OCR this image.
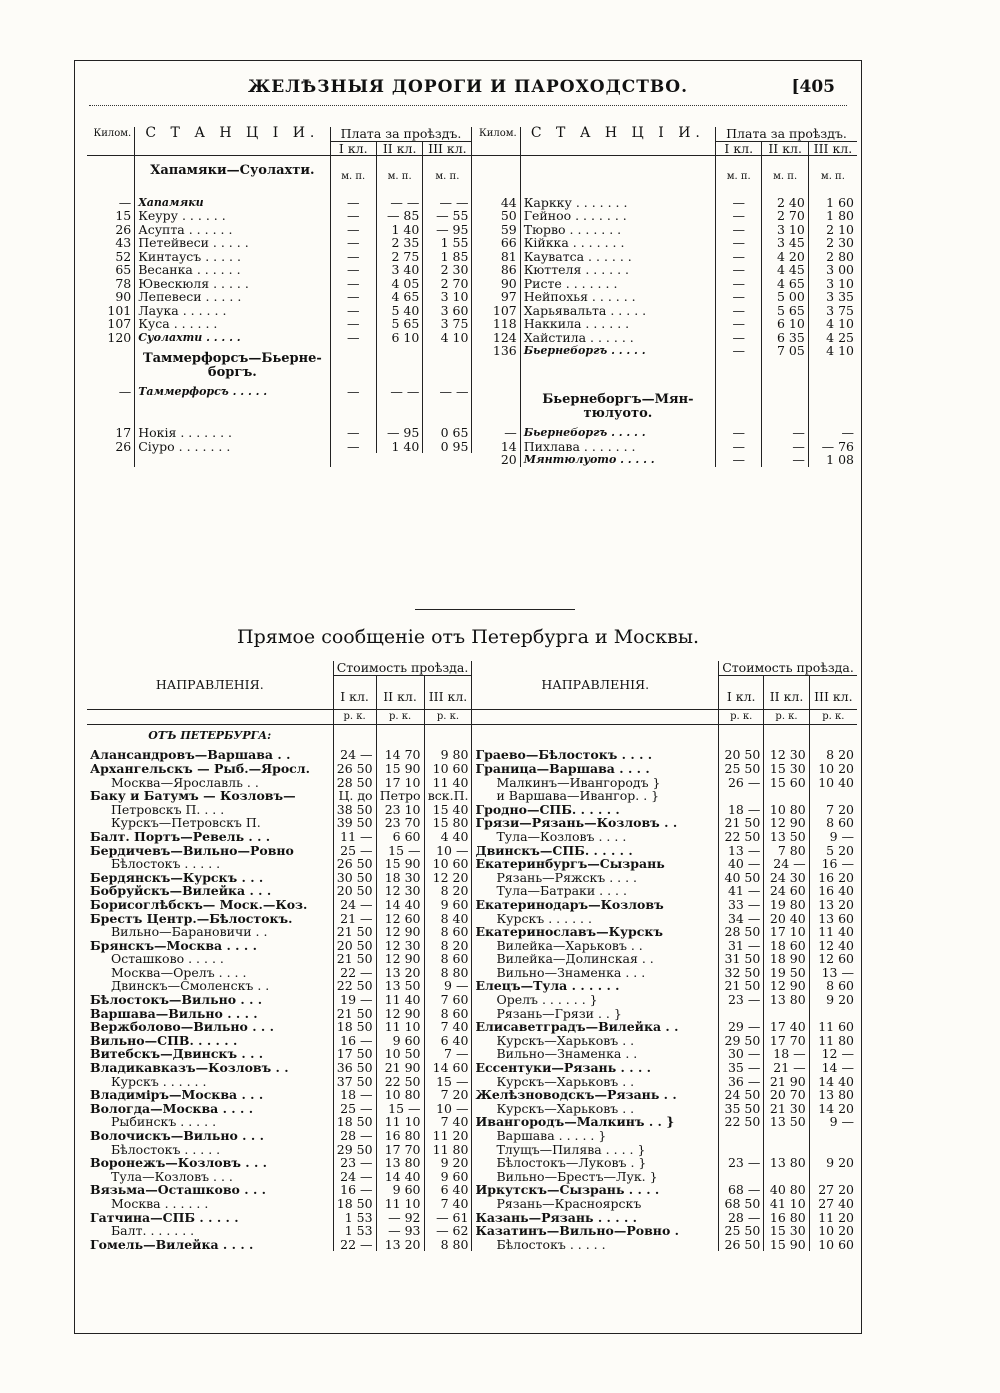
ЖЕЛѢЗНЫЯ ДОРОГИ И ПАРОХОДСТВО.	[405
Килом.	С Т А Н Ц І И.	Плата за проѣздъ.			Килом.	С Т А Н Ц І И.	Плата за проѣздъ.		
		I кл.	II кл.	III кл.			I кл.	II кл.	III кл.
	Хапамяки—Суолахти.	м. п.	м. п.	м. п.			м. п.	м. п.	м. п.
—	Хапамяки	—	— —	— —	44	Каркку . . . . . . .	—	2 40	1 60
15	Кеуру . . . . . .	—	— 85	— 55	50	Гейноо . . . . . . .	—	2 70	1 80
26	Асупта . . . . . .	—	1 40	— 95	59	Тюрво . . . . . . .	—	3 10	2 10
43	Петейвеси . . . . .	—	2 35	1 55	66	Кійкка . . . . . . .	—	3 45	2 30
52	Кинтаусъ . . . . .	—	2 75	1 85	81	Кауватса . . . . . .	—	4 20	2 80
65	Весанка . . . . . .	—	3 40	2 30	86	Кюттеля . . . . . .	—	4 45	3 00
78	Ювескюля . . . . .	—	4 05	2 70	90	Ристе . . . . . . .	—	4 65	3 10
90	Лепевеси . . . . .	—	4 65	3 10	97	Нейпохья . . . . . .	—	5 00	3 35
101	Лаука . . . . . .	—	5 40	3 60	107	Харьявальта . . . . .	—	5 65	3 75
107	Куса . . . . . .	—	5 65	3 75	118	Наккила . . . . . .	—	6 10	4 10
120	Суолахти . . . . .	—	6 10	4 10	124	Хайстила . . . . . .	—	6 35	4 25
	Таммерфорсъ—Бьерне-боргъ.				136	Бьернеборгъ . . . . .	—	7 05	4 10
—	Таммерфорсъ . . . . .	—	— —	— —		Бьернеборгъ—Мян-тюлуото.			
17	Нокія . . . . . . .	—	— 95	0 65	—	Бьернеборгъ . . . . .	—	—	—
26	Сіуро . . . . . . .	—	1 40	0 95	14	Пихлава . . . . . . .	—	—	— 76
					20	Мянтюлуото . . . . .	—	—	1 08
Прямое сообщеніе отъ Петербурга и Москвы.
НАПРАВЛЕНІЯ.	Стоимость проѣзда.			НАПРАВЛЕНІЯ.	Стоимость проѣзда.		
	I кл.	II кл.	III кл.		I кл.	II кл.	III кл.
	р. к.	р. к.	р. к.		р. к.	р. к.	р. к.
ОТЪ ПЕТЕРБУРГА:							
Алансандровъ—Варшава . .	24 —	14 70	9 80	Граево—Бѣлостокъ . . . .	20 50	12 30	8 20
Архангельскъ — Рыб.—Яросл.	26 50	15 90	10 60	Граница—Варшава . . . .	25 50	15 30	10 20
Москва—Ярославль . .	28 50	17 10	11 40	Малкинъ—Ивангородъ }	26 —	15 60	10 40
Баку и Батумъ — Козловъ—	Ц. до	Петро	вск.П.	и Варшава—Ивангор. . }			
Петровскъ П. . . .	38 50	23 10	15 40	Гродно—СПБ. . . . . .	18 —	10 80	7 20
Курскъ—Петровскъ П.	39 50	23 70	15 80	Грязи—Рязань—Козловъ . .	21 50	12 90	8 60
Балт. Портъ—Ревель . . .	11 —	6 60	4 40	Тула—Козловъ . . . .	22 50	13 50	9 —
Бердичевъ—Вильно—Ровно	25 —	15 —	10 —	Двинскъ—СПБ. . . . . .	13 —	7 80	5 20
Бѣлостокъ . . . . .	26 50	15 90	10 60	Екатеринбургъ—Сызрань	40 —	24 —	16 —
Бердянскъ—Курскъ . . .	30 50	18 30	12 20	Рязань—Ряжскъ . . . .	40 50	24 30	16 20
Бобруйскъ—Вилейка . . .	20 50	12 30	8 20	Тула—Батраки . . . .	41 —	24 60	16 40
Борисоглѣбскъ— Моск.—Коз.	24 —	14 40	9 60	Екатеринодаръ—Козловъ	33 —	19 80	13 20
Брестъ Центр.—Бѣлостокъ.	21 —	12 60	8 40	Курскъ . . . . . .	34 —	20 40	13 60
Вильно—Барановичи . .	21 50	12 90	8 60	Екатеринославъ—Курскъ	28 50	17 10	11 40
Брянскъ—Москва . . . .	20 50	12 30	8 20	Вилейка—Харьковъ . .	31 —	18 60	12 40
Осташково . . . . .	21 50	12 90	8 60	Вилейка—Долинская . .	31 50	18 90	12 60
Москва—Орелъ . . . .	22 —	13 20	8 80	Вильно—Знаменка . . .	32 50	19 50	13 —
Двинскъ—Смоленскъ . .	22 50	13 50	9 —	Елецъ—Тула . . . . . .	21 50	12 90	8 60
Бѣлостокъ—Вильно . . .	19 —	11 40	7 60	Орелъ . . . . . . }	23 —	13 80	9 20
Варшава—Вильно . . . .	21 50	12 90	8 60	Рязань—Грязи . . }			
Вержболово—Вильно . . .	18 50	11 10	7 40	Елисаветградъ—Вилейка . .	29 —	17 40	11 60
Вильно—СПВ. . . . . .	16 —	9 60	6 40	Курскъ—Харьковъ . .	29 50	17 70	11 80
Витебскъ—Двинскъ . . .	17 50	10 50	7 —	Вильно—Знаменка . .	30 —	18 —	12 —
Владикавказъ—Козловъ . .	36 50	21 90	14 60	Ессентуки—Рязань . . . .	35 —	21 —	14 —
Курскъ . . . . . .	37 50	22 50	15 —	Курскъ—Харьковъ . .	36 —	21 90	14 40
Владиміръ—Москва . . .	18 —	10 80	7 20	Желѣзноводскъ—Рязань . .	24 50	20 70	13 80
Вологда—Москва . . . .	25 —	15 —	10 —	Курскъ—Харьковъ . .	35 50	21 30	14 20
Рыбинскъ . . . . .	18 50	11 10	7 40	Ивангородъ—Малкинъ . . }	22 50	13 50	9 —
Волочискъ—Вильно . . .	28 —	16 80	11 20	Варшава . . . . . }			
Бѣлостокъ . . . . .	29 50	17 70	11 80	Тлущъ—Пилява . . . . }			
Воронежъ—Козловъ . . .	23 —	13 80	9 20	Бѣлостокъ—Луковъ . }	23 —	13 80	9 20
Тула—Козловъ . . .	24 —	14 40	9 60	Вильно—Брестъ—Лук. }			
Вязьма—Осташково . . .	16 —	9 60	6 40	Иркутскъ—Сызрань . . . .	68 —	40 80	27 20
Москва . . . . . .	18 50	11 10	7 40	Рязань—Красноярскъ	68 50	41 10	27 40
Гатчина—СПБ . . . . .	1 53	— 92	— 61	Казань—Рязань . . . . .	28 —	16 80	11 20
Балт. . . . . . .	1 53	— 93	— 62	Казатинъ—Вильно—Ровно .	25 50	15 30	10 20
Гомель—Вилейка . . . .	22 —	13 20	8 80	Бѣлостокъ . . . . .	26 50	15 90	10 60
